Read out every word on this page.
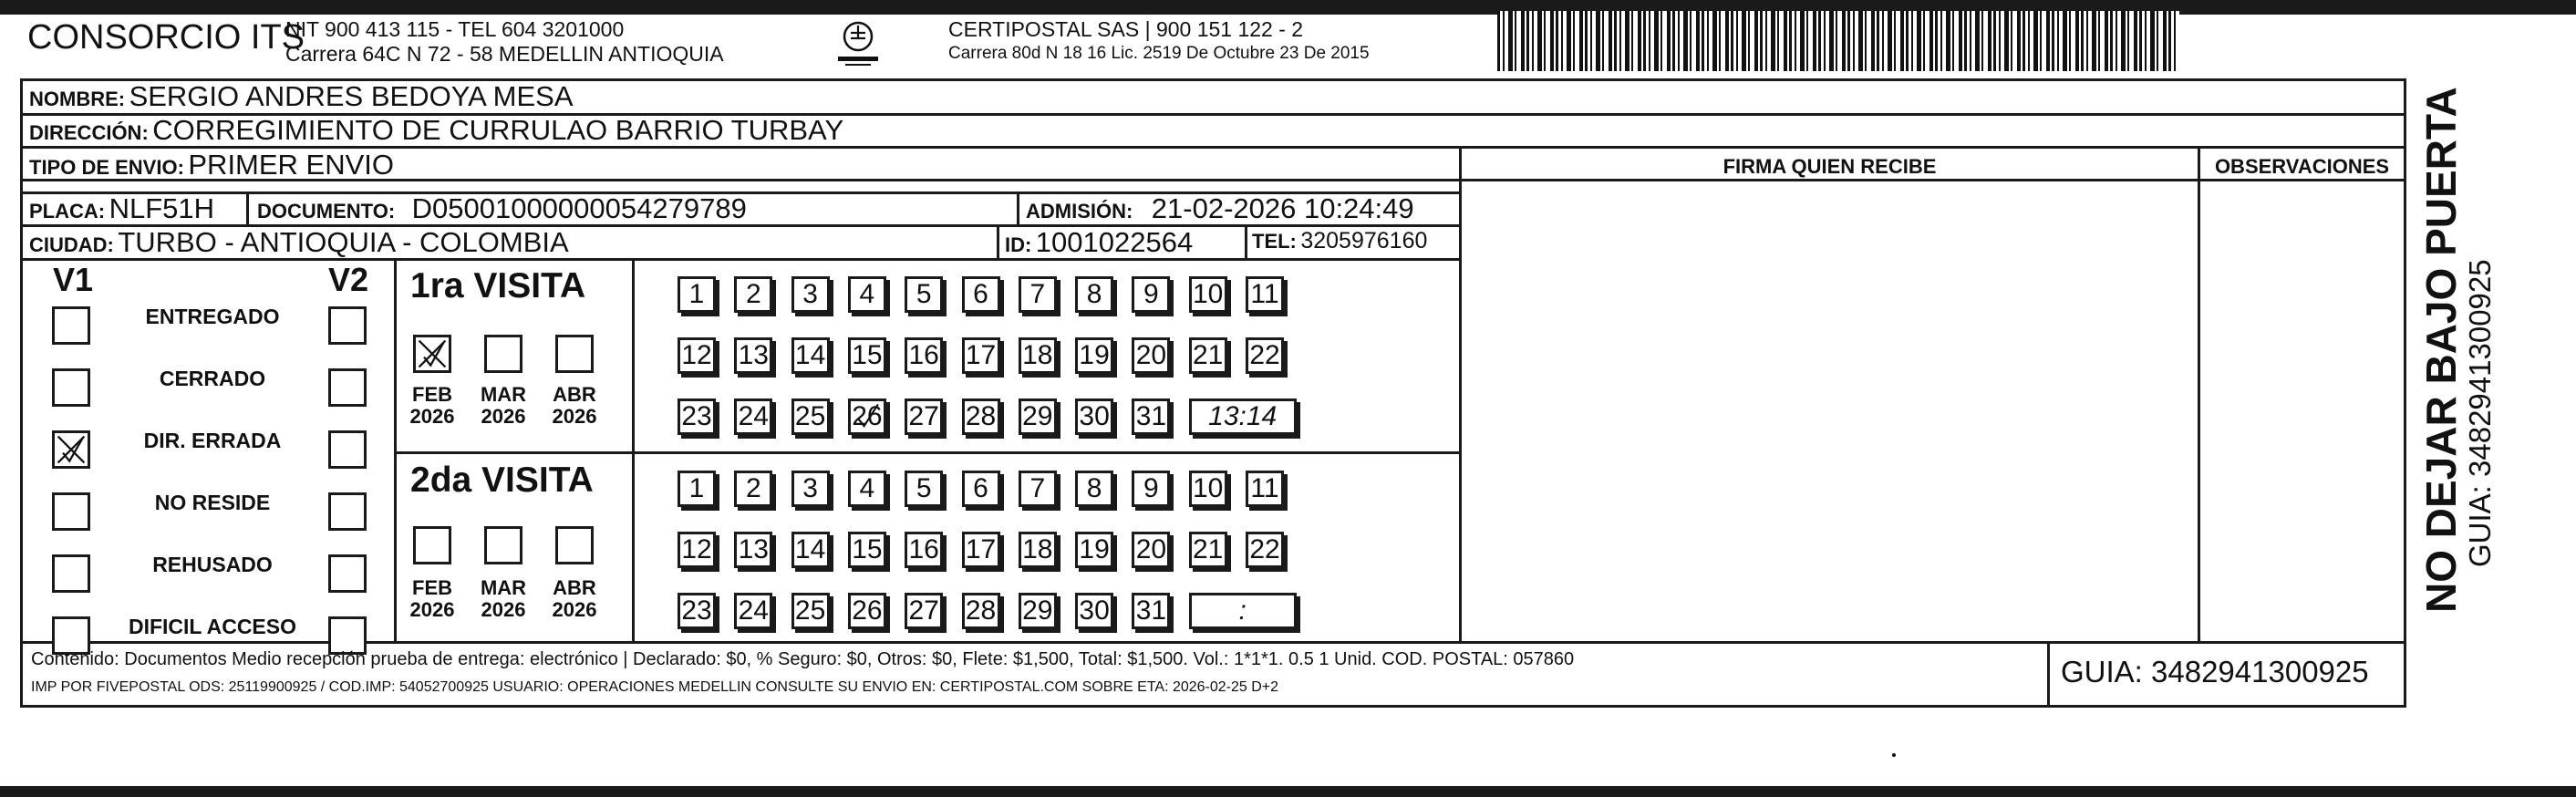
CONSORCIO ITS
NIT 900 413 115 - TEL 604 3201000
Carrera 64C N 72 - 58 MEDELLIN ANTIOQUIA
CERTIPOSTAL SAS | 900 151 122 - 2
Carrera 80d N 18 16 Lic. 2519 De Octubre 23 De 2015
NOMBRE: SERGIO ANDRES BEDOYA MESA
DIRECCIÓN: CORREGIMIENTO DE CURRULAO BARRIO TURBAY
TIPO DE ENVIO: PRIMER ENVIO
PLACA: NLF51H DOCUMENTO: D05001000000054279789	ADMISIÓN: 21-02-2026 10:24:49
CIUDAD: TURBO - ANTIOQUIA - COLOMBIA	ID: 1001022564	TEL: 3205976160
FIRMA QUIEN RECIBE	OBSERVACIONES
V1	V2
ENTREGADO
CERRADO
DIR. ERRADA
NO RESIDE
REHUSADO
DIFICIL ACCESO
1ra VISITA
2da VISITA
FEB
2026
MAR
2026
ABR
2026
FEB
2026
MAR
2026
ABR
2026
1 2 3 4 5 6 7 8 9 10 11
12 13 14 15 16 17 18 19 20 21 22
23 24 25 26 27 28 29 30 31 13:14
1 2 3 4 5 6 7 8 9 10 11
12 13 14 15 16 17 18 19 20 21 22
23 24 25 26 27 28 29 30 31	:
Contenido: Documentos Medio recepción prueba de entrega: electrónico | Declarado: $0, % Seguro: $0, Otros: $0, Flete: $1,500, Total: $1,500. Vol.: 1*1*1. 0.5 1 Unid. COD. POSTAL: 057860
IMP POR FIVEPOSTAL ODS: 25119900925 / COD.IMP: 54052700925 USUARIO: OPERACIONES MEDELLIN CONSULTE SU ENVIO EN: CERTIPOSTAL.COM SOBRE ETA: 2026-02-25 D+2	GUIA: 3482941300925
NO DEJAR BAJO PUERTA
GUIA: 3482941300925
